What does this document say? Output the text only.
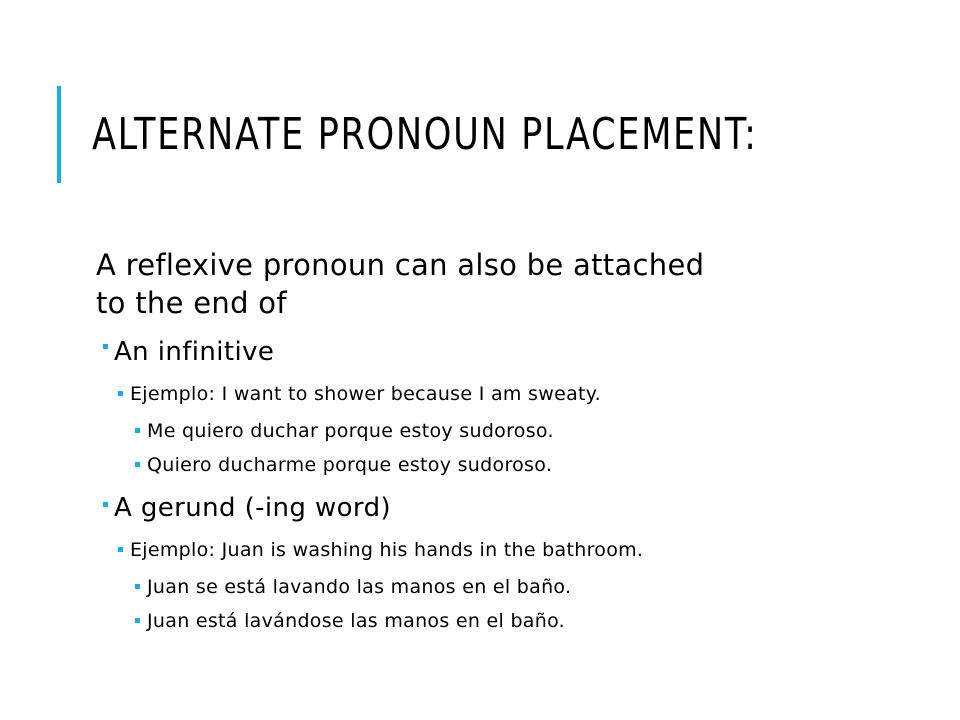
ALTERNATE PRONOUN PLACEMENT:
A reflexive pronoun can also be attached
to the end of
An infinitive
Ejemplo: I want to shower because I am sweaty.
Me quiero duchar porque estoy sudoroso.
Quiero ducharme porque estoy sudoroso.
A gerund (-ing word)
Ejemplo: Juan is washing his hands in the bathroom.
Juan se está lavando las manos en el baño.
Juan está lavándose las manos en el baño.
